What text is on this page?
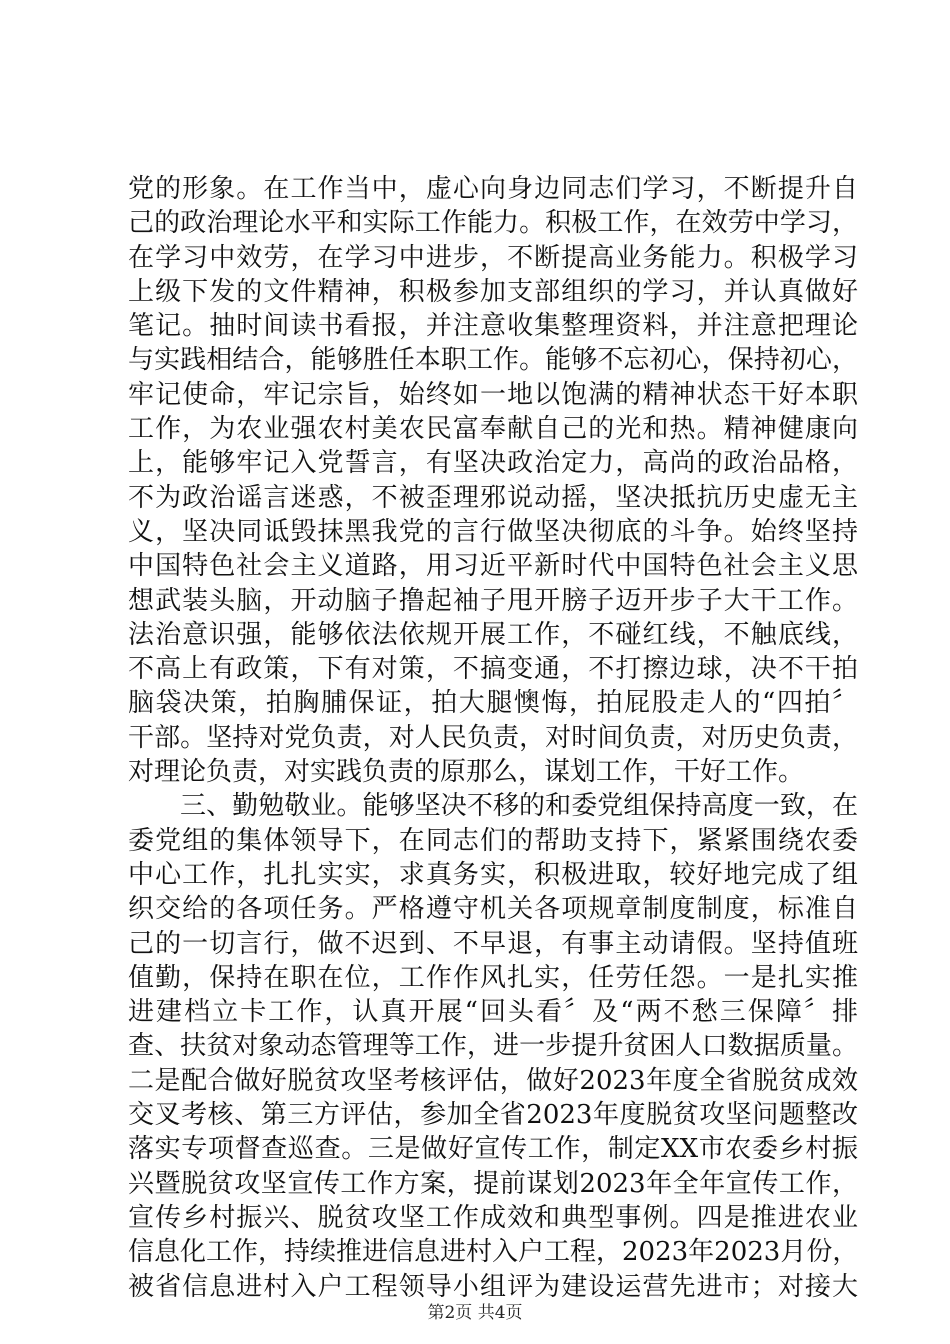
党的形象。在工作当中，虚心向身边同志们学习，不断提升自
己的政治理论水平和实际工作能力。积极工作，在效劳中学习，
在学习中效劳，在学习中进步，不断提高业务能力。积极学习
上级下发的文件精神，积极参加支部组织的学习，并认真做好
笔记。抽时间读书看报，并注意收集整理资料，并注意把理论
与实践相结合，能够胜任本职工作。能够不忘初心，保持初心，
牢记使命，牢记宗旨，始终如一地以饱满的精神状态干好本职
工作，为农业强农村美农民富奉献自己的光和热。精神健康向
上，能够牢记入党誓言，有坚决政治定力，高尚的政治品格，
不为政治谣言迷惑，不被歪理邪说动摇，坚决抵抗历史虚无主
义，坚决同诋毁抹黑我党的言行做坚决彻底的斗争。始终坚持
中国特色社会主义道路，用习近平新时代中国特色社会主义思
想武装头脑，开动脑子撸起袖子甩开膀子迈开步子大干工作。
法治意识强，能够依法依规开展工作，不碰红线，不触底线，
不高上有政策，下有对策，不搞变通，不打擦边球，决不干拍
脑袋决策，拍胸脯保证，拍大腿懊悔，拍屁股走人的“四拍〞
干部。坚持对党负责，对人民负责，对时间负责，对历史负责，
对理论负责，对实践负责的原那么，谋划工作，干好工作。
三、勤勉敬业。能够坚决不移的和委党组保持高度一致，在
委党组的集体领导下，在同志们的帮助支持下，紧紧围绕农委
中心工作，扎扎实实，求真务实，积极进取，较好地完成了组
织交给的各项任务。严格遵守机关各项规章制度制度，标准自
己的一切言行，做不迟到、不早退，有事主动请假。坚持值班
值勤，保持在职在位，工作作风扎实，任劳任怨。一是扎实推
进建档立卡工作，认真开展“回头看〞及“两不愁三保障〞排
查、扶贫对象动态管理等工作，进一步提升贫困人口数据质量。
二是配合做好脱贫攻坚考核评估，做好2023年度全省脱贫成效
交叉考核、第三方评估，参加全省2023年度脱贫攻坚问题整改
落实专项督查巡查。三是做好宣传工作，制定XX市农委乡村振
兴暨脱贫攻坚宣传工作方案，提前谋划2023年全年宣传工作，
宣传乡村振兴、脱贫攻坚工作成效和典型事例。四是推进农业
信息化工作，持续推进信息进村入户工程，2023年2023月份，
被省信息进村入户工程领导小组评为建设运营先进市；对接大
第2页 共4页
